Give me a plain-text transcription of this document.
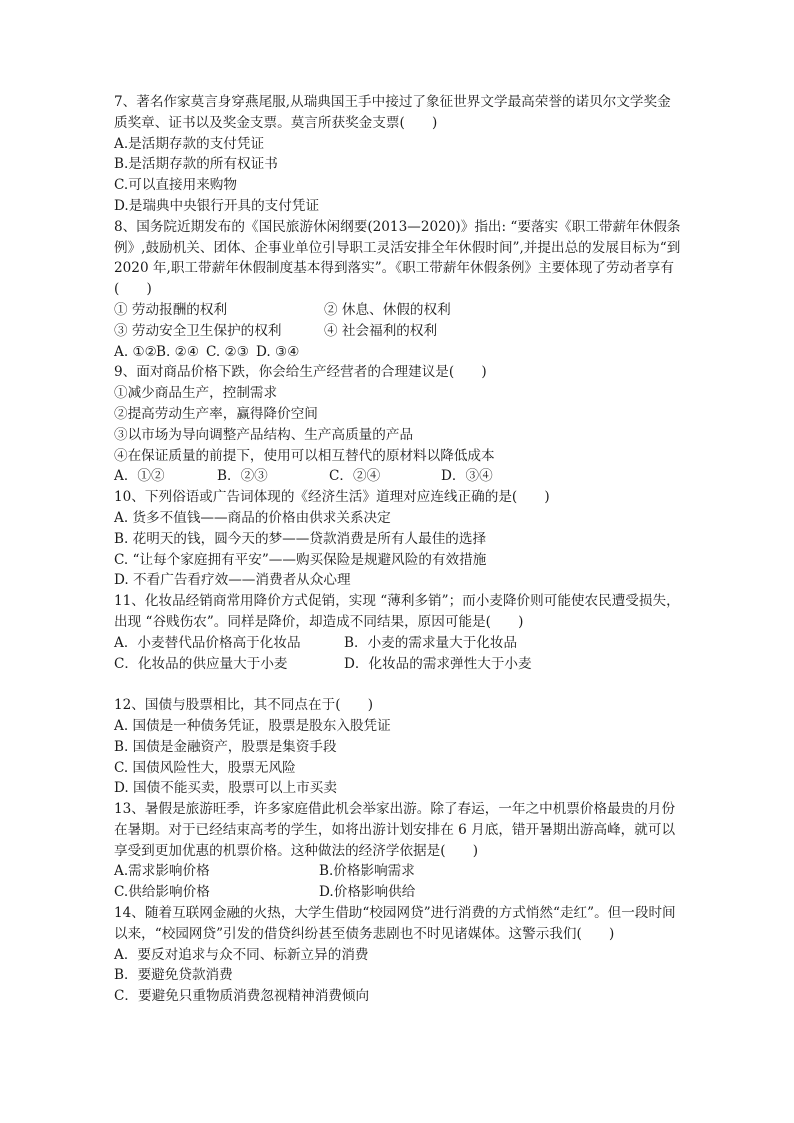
7、著名作家莫言身穿燕尾服,从瑞典国王手中接过了象征世界文学最高荣誉的诺贝尔文学奖金质奖章、证书以及奖金支票。莫言所获奖金支票(　　)
A.是活期存款的支付凭证
B.是活期存款的所有权证书
C.可以直接用来购物
D.是瑞典中央银行开具的支付凭证
8、国务院近期发布的《国民旅游休闲纲要(2013—2020)》指出: “要落实《职工带薪年休假条例》,鼓励机关、团体、企事业单位引导职工灵活安排全年休假时间”,并提出总的发展目标为“到 2020 年,职工带薪年休假制度基本得到落实”。《职工带薪年休假条例》主要体现了劳动者享有(　　)
① 劳动报酬的权利	② 休息、休假的权利
③ 劳动安全卫生保护的权利	④ 社会福利的权利
A. ①② B. ②④ C. ②③ D. ③④
9、面对商品价格下跌，你会给生产经营者的合理建议是(　　)
①减少商品生产，控制需求
②提高劳动生产率，赢得降价空间
③以市场为导向调整产品结构、生产高质量的产品
④在保证质量的前提下，使用可以相互替代的原材料以降低成本
A．①②	B．②③	C．②④	D．③④
10、下列俗语或广告词体现的《经济生活》道理对应连线正确的是(　　)
A. 货多不值钱——商品的价格由供求关系决定
B. 花明天的钱，圆今天的梦——贷款消费是所有人最佳的选择
C. “让每个家庭拥有平安”——购买保险是规避风险的有效措施
D. 不看广告看疗效——消费者从众心理
11、化妆品经销商常用降价方式促销，实现 “薄利多销”；而小麦降价则可能使农民遭受损失，出现 “谷贱伤农”。同样是降价，却造成不同结果，原因可能是(　　)
A．小麦替代品价格高于化妆品	B．小麦的需求量大于化妆品
C．化妆品的供应量大于小麦	D．化妆品的需求弹性大于小麦
12、国债与股票相比，其不同点在于(　　)
A. 国债是一种债务凭证，股票是股东入股凭证
B. 国债是金融资产，股票是集资手段
C. 国债风险性大，股票无风险
D. 国债不能买卖，股票可以上市买卖
13、暑假是旅游旺季，许多家庭借此机会举家出游。除了春运，一年之中机票价格最贵的月份在暑期。对于已经结束高考的学生，如将出游计划安排在 6 月底，错开暑期出游高峰，就可以享受到更加优惠的机票价格。这种做法的经济学依据是(　　)
A.需求影响价格	B.价格影响需求
C.供给影响价格	D.价格影响供给
14、随着互联网金融的火热，大学生借助“校园网贷”进行消费的方式悄然“走红”。但一段时间以来，“校园网贷”引发的借贷纠纷甚至债务悲剧也不时见诸媒体。这警示我们(　　)
A．要反对追求与众不同、标新立异的消费
B．要避免贷款消费
C．要避免只重物质消费忽视精神消费倾向
